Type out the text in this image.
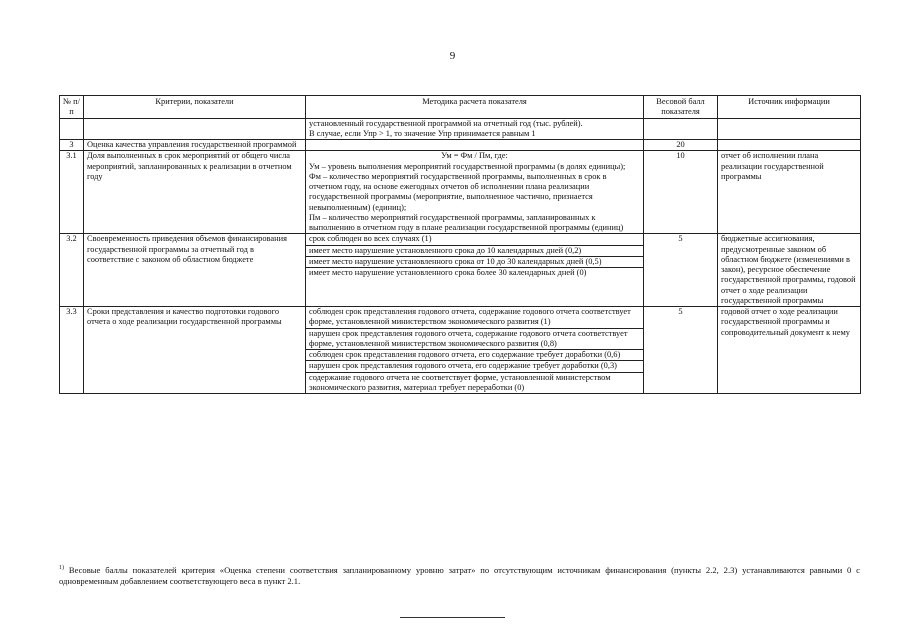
9
№ п/п	Критерии, показатели	Методика расчета показателя	Весовой балл показателя	Источник информации

		установленный государственной программой на отчетный год (тыс. рублей).
В случае, если Упр > 1, то значение Упр принимается равным 1		

3	Оценка качества управления государственной программой		20	
3.1	Доля выполненных в срок мероприятий от общего числа мероприятий, запланированных к реализации в отчетном году	Ум = Фм / Пм, где:
Ум – уровень выполнения мероприятий государственной программы (в долях единицы);
Фм – количество мероприятий государственной программы, выполненных в срок в отчетном году, на основе ежегодных отчетов об исполнении плана реализации государственной программы (мероприятие, выполненное частично, признается невыполненным) (единиц);
Пм – количество мероприятий государственной программы, запланированных к выполнению в отчетном году в плане реализации государственной программы (единиц)	10	отчет об исполнении плана реализации государственной программы
3.2	Своевременность приведения объемов финансирования государственной программы за отчетный год в соответствие с законом об областном бюджете	срок соблюден во всех случаях (1)
имеет место нарушение установленного срока до 10 календарных дней (0,2)
имеет место нарушение установленного срока от 10 до 30 календарных дней (0,5)
имеет место нарушение установленного срока более 30 календарных дней (0)	5	бюджетные ассигнования, предусмотренные законом об областном бюджете (изменениями в закон), ресурсное обеспечение государственной программы, годовой отчет о ходе реализации государственной программы
3.3	Сроки представления и качество подготовки годового отчета о ходе реализации государственной программы	соблюден срок представления годового отчета, содержание годового отчета соответствует форме, установленной министерством экономического развития (1)
нарушен срок представления годового отчета, содержание годового отчета соответствует форме, установленной министерством экономического развития (0,8)
соблюден срок представления годового отчета, его содержание требует доработки (0,6)
нарушен срок представления годового отчета, его содержание требует доработки (0,3)
содержание годового отчета не соответствует форме, установленной министерством экономического развития, материал требует переработки (0)	5	годовой отчет о ходе реализации государственной программы и сопроводительный документ к нему
$^{1)}$ Весовые баллы показателей критерия «Оценка степени соответствия запланированному уровню затрат» по отсутствующим источникам финансирования (пункты 2.2, 2.3) устанавливаются равными 0 с одновременным добавлением соответствующего веса в пункт 2.1.
